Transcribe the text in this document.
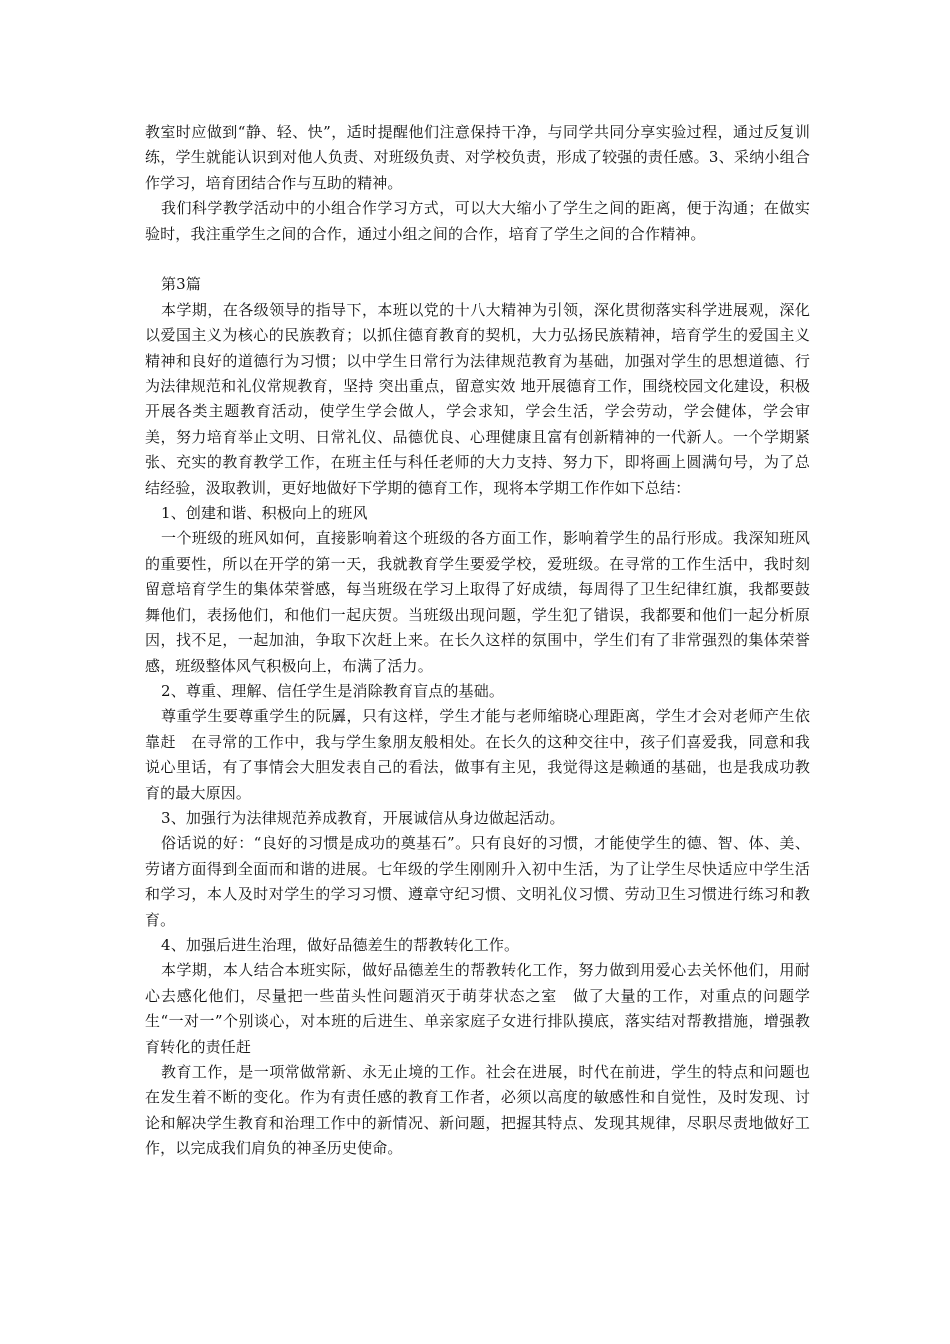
教室时应做到“静、轻、快”，适时提醒他们注意保持干净，与同学共同分享实验过程，通过反复训练，学生就能认识到对他人负责、对班级负责、对学校负责，形成了较强的责任感。3、采纳小组合作学习，培育团结合作与互助的精神。

我们科学教学活动中的小组合作学习方式，可以大大缩小了学生之间的距离，便于沟通；在做实验时，我注重学生之间的合作，通过小组之间的合作，培育了学生之间的合作精神。

第3篇

本学期，在各级领导的指导下，本班以党的十八大精神为引领，深化贯彻落实科学进展观，深化以爱国主义为核心的民族教育；以抓住德育教育的契机，大力弘扬民族精神，培育学生的爱国主义精神和良好的道德行为习惯；以中学生日常行为法律规范教育为基础，加强对学生的思想道德、行为法律规范和礼仪常规教育，坚持 突出重点，留意实效 地开展德育工作，围绕校园文化建设，积极开展各类主题教育活动，使学生学会做人，学会求知，学会生活，学会劳动，学会健体，学会审美，努力培育举止文明、日常礼仪、品德优良、心理健康且富有创新精神的一代新人。一个学期紧张、充实的教育教学工作，在班主任与科任老师的大力支持、努力下，即将画上圆满句号，为了总结经验，汲取教训，更好地做好下学期的德育工作，现将本学期工作作如下总结：

1、创建和谐、积极向上的班风

一个班级的班风如何，直接影响着这个班级的各方面工作，影响着学生的品行形成。我深知班风的重要性，所以在开学的第一天，我就教育学生要爱学校，爱班级。在寻常的工作生活中，我时刻留意培育学生的集体荣誉感，每当班级在学习上取得了好成绩，每周得了卫生纪律红旗，我都要鼓舞他们，表扬他们，和他们一起庆贺。当班级出现问题，学生犯了错误，我都要和他们一起分析原因，找不足，一起加油，争取下次赶上来。在长久这样的氛围中，学生们有了非常强烈的集体荣誉感，班级整体风气积极向上，布满了活力。

2、尊重、理解、信任学生是消除教育盲点的基础。

尊重学生要尊重学生的阮羼，只有这样，学生才能与老师缩晓心理距离，学生才会对老师产生依靠赶　在寻常的工作中，我与学生象朋友般相处。在长久的这种交往中，孩子们喜爱我，同意和我说心里话，有了事情会大胆发表自己的看法，做事有主见，我觉得这是赖通的基础，也是我成功教育的最大原因。

3、加强行为法律规范养成教育，开展诚信从身边做起活动。

俗话说的好：“良好的习惯是成功的奠基石”。只有良好的习惯，才能使学生的德、智、体、美、劳诸方面得到全面而和谐的进展。七年级的学生刚刚升入初中生活，为了让学生尽快适应中学生活和学习，本人及时对学生的学习习惯、遵章守纪习惯、文明礼仪习惯、劳动卫生习惯进行练习和教育。

4、加强后进生治理，做好品德差生的帮教转化工作。

本学期，本人结合本班实际，做好品德差生的帮教转化工作，努力做到用爱心去关怀他们，用耐心去感化他们，尽量把一些苗头性问题消灭于萌芽状态之室　做了大量的工作，对重点的问题学生“一对一”个别谈心，对本班的后进生、单亲家庭子女进行排队摸底，落实结对帮教措施，增强教育转化的责任赶

教育工作，是一项常做常新、永无止境的工作。社会在进展，时代在前进，学生的特点和问题也在发生着不断的变化。作为有责任感的教育工作者，必须以高度的敏感性和自觉性，及时发现、讨论和解决学生教育和治理工作中的新情况、新问题，把握其特点、发现其规律，尽职尽责地做好工作，以完成我们肩负的神圣历史使命。
